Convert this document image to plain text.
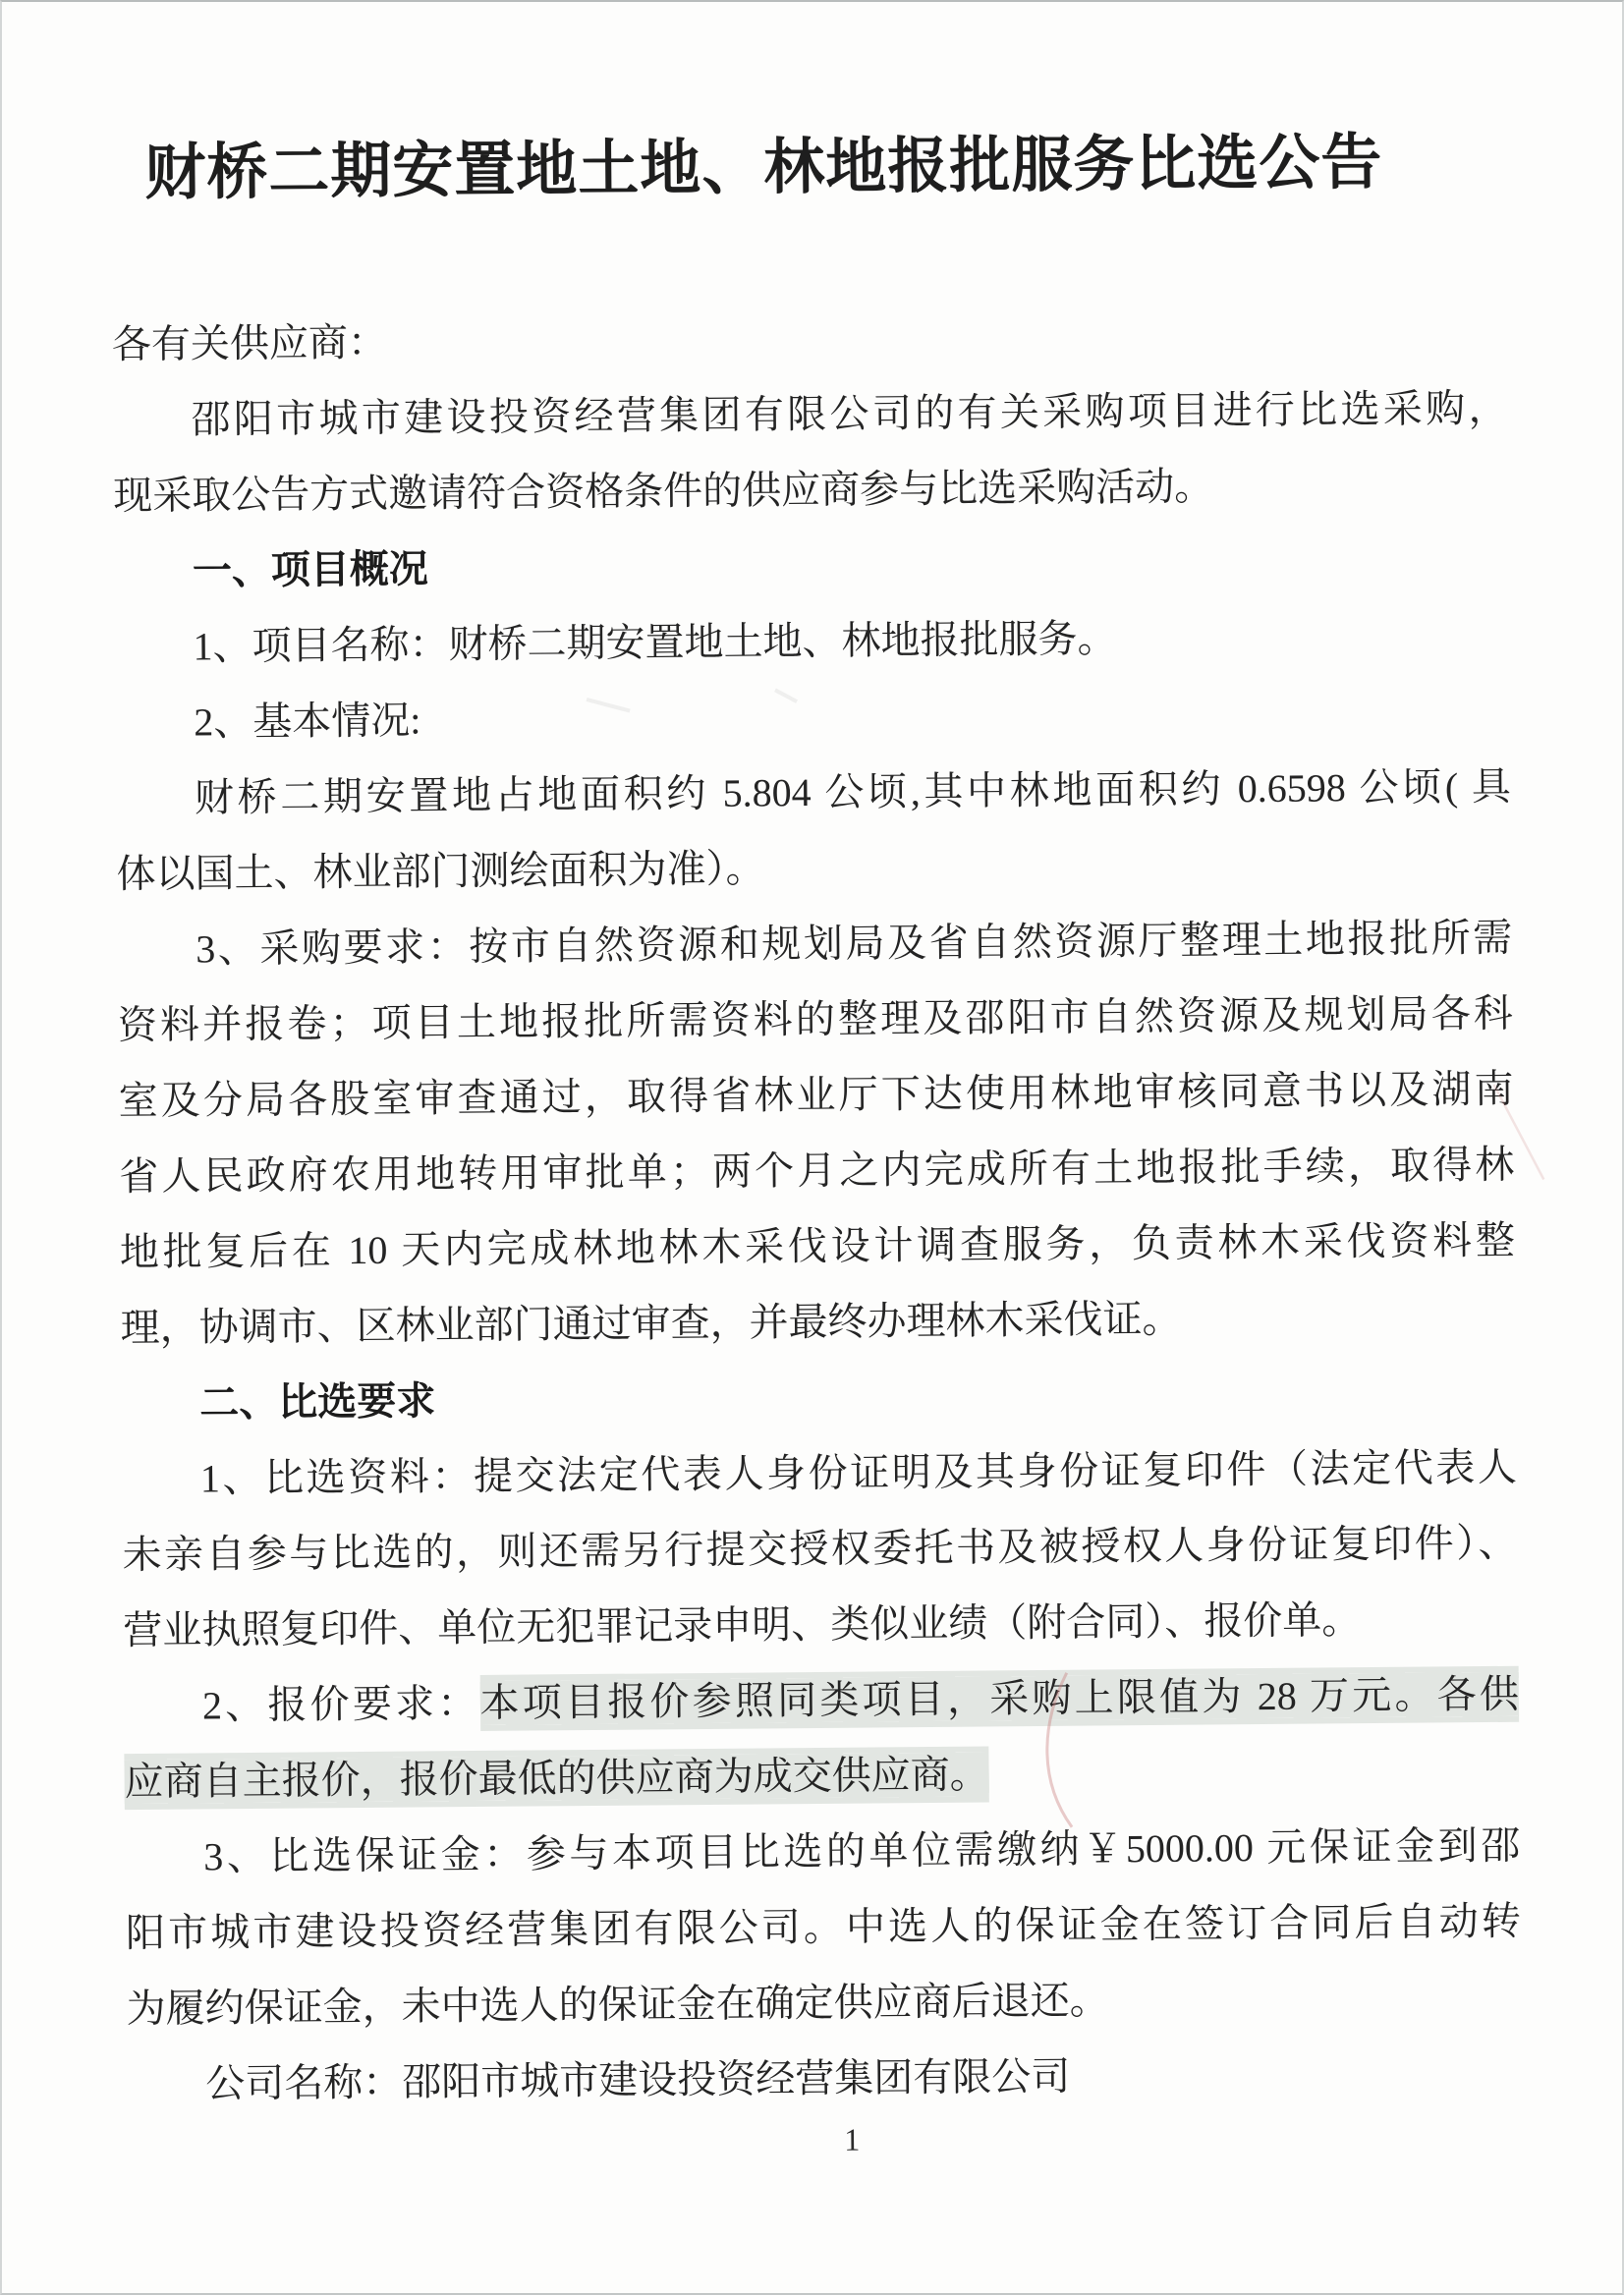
财桥二期安置地土地、林地报批服务比选公告
各有关供应商：
邵阳市城市建设投资经营集团有限公司的有关采购项目进行比选采购，
现采取公告方式邀请符合资格条件的供应商参与比选采购活动。
一、项目概况
1、项目名称：财桥二期安置地土地、林地报批服务。
2、基本情况:
财桥二期安置地占地面积约 5.804 公顷,其中林地面积约 0.6598 公顷( 具
体以国土、林业部门测绘面积为准）。
3、采购要求：按市自然资源和规划局及省自然资源厅整理土地报批所需
资料并报卷；项目土地报批所需资料的整理及邵阳市自然资源及规划局各科
室及分局各股室审查通过，取得省林业厅下达使用林地审核同意书以及湖南
省人民政府农用地转用审批单；两个月之内完成所有土地报批手续，取得林
地批复后在 10 天内完成林地林木采伐设计调查服务，负责林木采伐资料整
理，协调市、区林业部门通过审查，并最终办理林木采伐证。
二、比选要求
1、比选资料：提交法定代表人身份证明及其身份证复印件（法定代表人
未亲自参与比选的，则还需另行提交授权委托书及被授权人身份证复印件）、
营业执照复印件、单位无犯罪记录申明、类似业绩（附合同）、报价单。
2、报价要求：本项目报价参照同类项目，采购上限值为 28 万元。各供
应商自主报价，报价最低的供应商为成交供应商。
3、比选保证金：参与本项目比选的单位需缴纳￥5000.00 元保证金到邵
阳市城市建设投资经营集团有限公司。中选人的保证金在签订合同后自动转
为履约保证金，未中选人的保证金在确定供应商后退还。
公司名称：邵阳市城市建设投资经营集团有限公司
1
